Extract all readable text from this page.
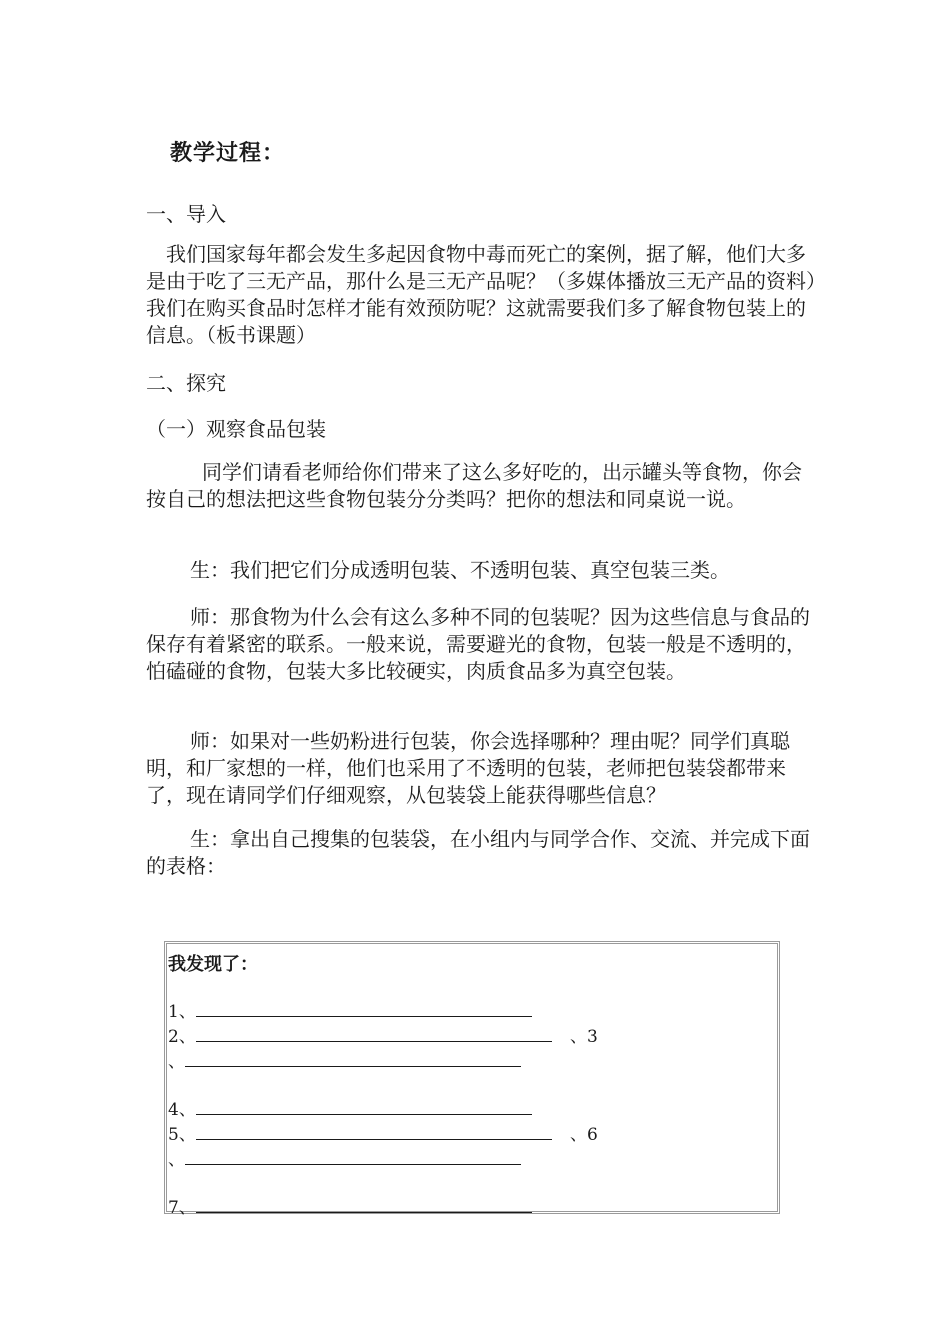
教学过程：
一、导入

我们国家每年都会发生多起因食物中毒而死亡的案例，据了解，他们大多是由于吃了三无产品，那什么是三无产品呢？（多媒体播放三无产品的资料）我们在购买食品时怎样才能有效预防呢？这就需要我们多了解食物包装上的信息。（板书课题）

二、探究
（一）观察食品包装

同学们请看老师给你们带来了这么多好吃的，出示罐头等食物，你会按自己的想法把这些食物包装分分类吗？把你的想法和同桌说一说。

生：我们把它们分成透明包装、不透明包装、真空包装三类。

师：那食物为什么会有这么多种不同的包装呢？因为这些信息与食品的保存有着紧密的联系。一般来说，需要避光的食物，包装一般是不透明的，怕磕碰的食物，包装大多比较硬实，肉质食品多为真空包装。

师：如果对一些奶粉进行包装，你会选择哪种？理由呢？同学们真聪明，和厂家想的一样，他们也采用了不透明的包装，老师把包装袋都带来了，现在请同学们仔细观察，从包装袋上能获得哪些信息？

生：拿出自己搜集的包装袋，在小组内与同学合作、交流、并完成下面的表格：

我发现了：
1、
2、	、3
、
4、
5、	、6
、
7、
